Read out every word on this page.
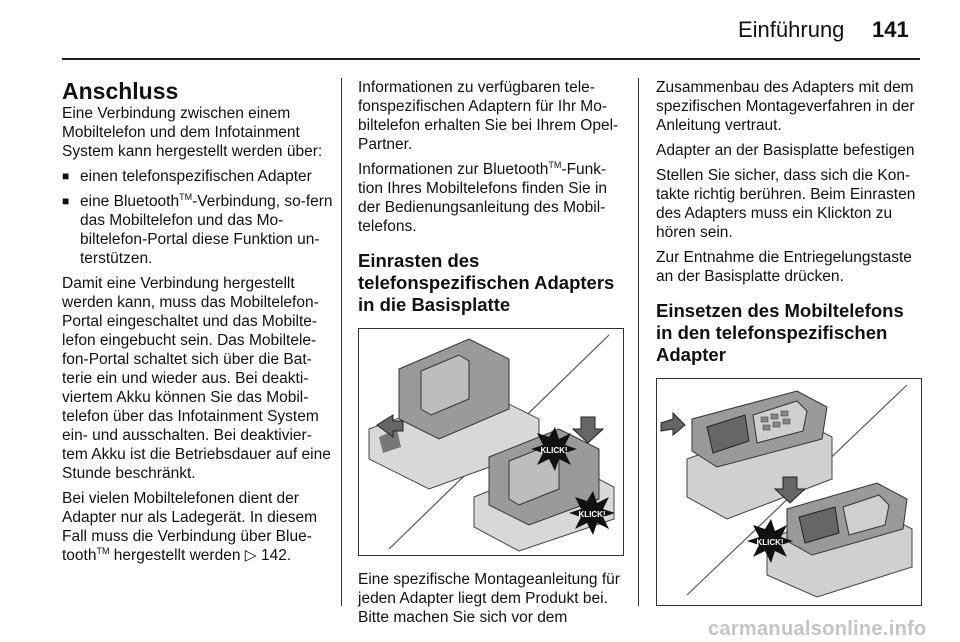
Einführung 141
Anschluss

Eine Verbindung zwischen einem Mobiltelefon und dem Infotainment System kann hergestellt werden über:

■ einen telefonspezifischen Adapter
■ eine Bluetooth™-Verbindung, so-fern das Mobiltelefon und das Mo-biltelefon-Portal diese Funktion un-terstützen.

Damit eine Verbindung hergestellt werden kann, muss das Mobiltelefon-Portal eingeschaltet und das Mobilte-lefon eingebucht sein. Das Mobiltele-fon-Portal schaltet sich über die Bat-terie ein und wieder aus. Bei deakti-viertem Akku können Sie das Mobil-telefon über das Infotainment System ein- und ausschalten. Bei deaktivier-tem Akku ist die Betriebsdauer auf eine Stunde beschränkt.

Bei vielen Mobiltelefonen dient der Adapter nur als Ladegerät. In diesem Fall muss die Verbindung über Blue-tooth™ hergestellt werden ▷ 142.

Informationen zu verfügbaren tele-fonspezifischen Adaptern für Ihr Mo-biltelefon erhalten Sie bei Ihrem Opel-Partner.

Informationen zur Bluetooth™-Funk-tion Ihres Mobiltelefons finden Sie in der Bedienungsanleitung des Mobil-telefons.

Einrasten des telefonspezifischen Adapters in die Basisplatte
KLICK!
KLICK!

Eine spezifische Montageanleitung für jeden Adapter liegt dem Produkt bei. Bitte machen Sie sich vor dem

Zusammenbau des Adapters mit dem spezifischen Montageverfahren in der Anleitung vertraut.

Adapter an der Basisplatte befestigen

Stellen Sie sicher, dass sich die Kon-takte richtig berühren. Beim Einrasten des Adapters muss ein Klickton zu hören sein.

Zur Entnahme die Entriegelungstaste an der Basisplatte drücken.

Einsetzen des Mobiltelefons in den telefonspezifischen Adapter
KLICK!
carmanualsonline.info
